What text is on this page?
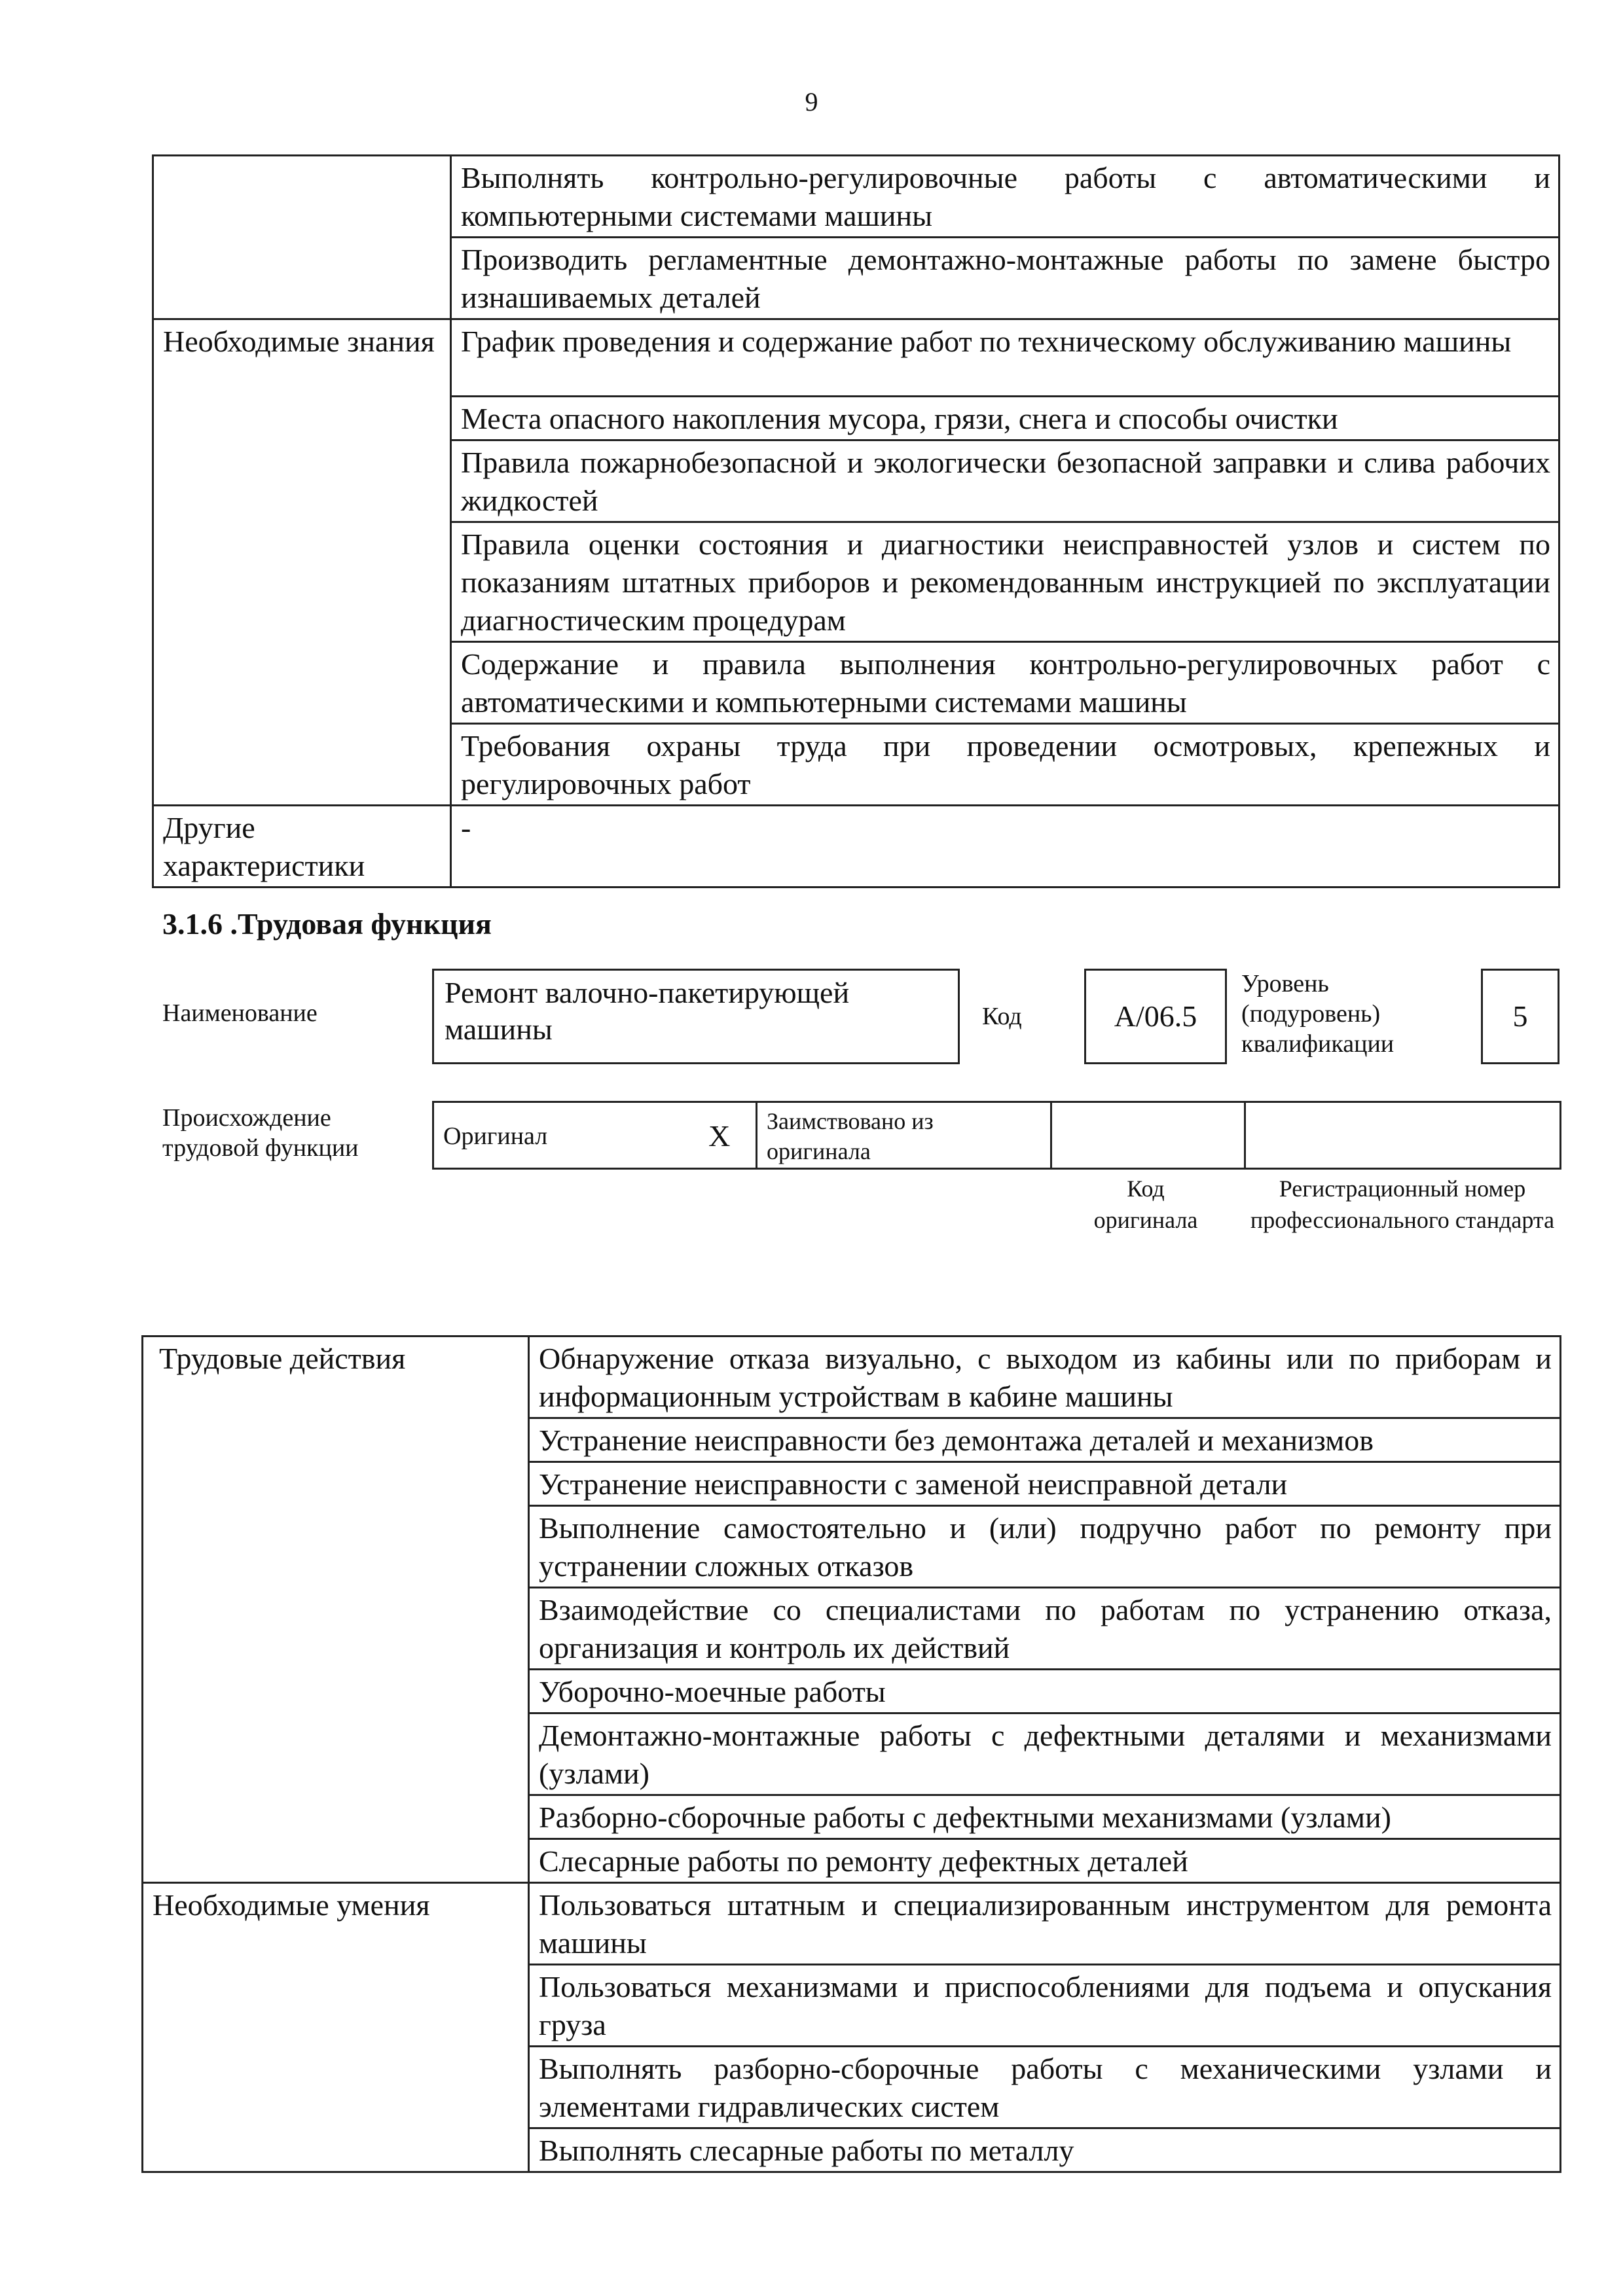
9
	Выполнять контрольно-регулировочные работы с автоматическими и компьютерными системами машины
	Производить регламентные демонтажно-монтажные работы по замене быстро изнашиваемых деталей
Необходимые знания	График проведения и содержание работ по техническому обслуживанию машины
	Места опасного накопления мусора, грязи, снега и способы очистки
	Правила пожарнобезопасной и экологически безопасной заправки и слива рабочих жидкостей
	Правила оценки состояния и диагностики неисправностей узлов и систем по показаниям штатных приборов и рекомендованным инструкцией по эксплуатации диагностическим процедурам
	Содержание и правила выполнения контрольно-регулировочных работ с автоматическими и компьютерными системами машины
	Требования охраны труда при проведении осмотровых, крепежных и регулировочных работ
Другие характеристики	-
3.1.6 .Трудовая функция
Наименование
Ремонт валочно-пакетирующей машины	Код	A/06.5
Уровень (подуровень) квалификации
5
Происхождение трудовой функции	Оригинал	X	Заимствовано из оригинала		
Код оригинала
Регистрационный номер профессионального стандарта
Трудовые действия	Обнаружение отказа визуально, с выходом из кабины или по приборам и информационным устройствам в кабине машины
	Устранение неисправности без демонтажа деталей и механизмов
	Устранение неисправности с заменой неисправной детали
	Выполнение самостоятельно и (или) подручно работ по ремонту при устранении сложных отказов
	Взаимодействие со специалистами по работам по устранению отказа, организация и контроль их действий
	Уборочно-моечные работы
	Демонтажно-монтажные работы с дефектными деталями и механизмами (узлами)
	Разборно-сборочные работы с дефектными механизмами (узлами)
	Слесарные работы по ремонту дефектных деталей
Необходимые умения	Пользоваться штатным и специализированным инструментом для ремонта машины
	Пользоваться механизмами и приспособлениями для подъема и опускания груза
	Выполнять разборно-сборочные работы с механическими узлами и элементами гидравлических систем
	Выполнять слесарные работы по металлу
